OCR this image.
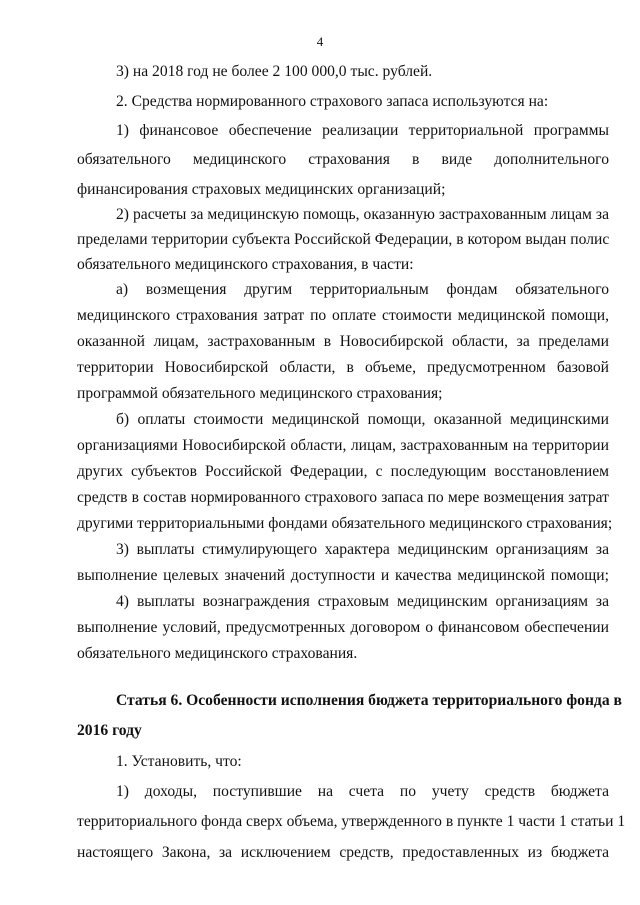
4
3) на 2018 год не более 2 100 000,0 тыс. рублей.
2. Средства нормированного страхового запаса используются на:
1) финансовое обеспечение реализации территориальной программы
обязательного медицинского страхования в виде дополнительного
финансирования страховых медицинских организаций;
2) расчеты за медицинскую помощь, оказанную застрахованным лицам за
пределами территории субъекта Российской Федерации, в котором выдан полис
обязательного медицинского страхования, в части:
а) возмещения другим территориальным фондам обязательного
медицинского страхования затрат по оплате стоимости медицинской помощи,
оказанной лицам, застрахованным в Новосибирской области, за пределами
территории Новосибирской области, в объеме, предусмотренном базовой
программой обязательного медицинского страхования;
б) оплаты стоимости медицинской помощи, оказанной медицинскими
организациями Новосибирской области, лицам, застрахованным на территории
других субъектов Российской Федерации, с последующим восстановлением
средств в состав нормированного страхового запаса по мере возмещения затрат
другими территориальными фондами обязательного медицинского страхования;
3) выплаты стимулирующего характера медицинским организациям за
выполнение целевых значений доступности и качества медицинской помощи;
4) выплаты вознаграждения страховым медицинским организациям за
выполнение условий, предусмотренных договором о финансовом обеспечении
обязательного медицинского страхования.
Статья 6. Особенности исполнения бюджета территориального фонда в
2016 году
1. Установить, что:
1) доходы, поступившие на счета по учету средств бюджета
территориального фонда сверх объема, утвержденного в пункте 1 части 1 статьи 1
настоящего Закона, за исключением средств, предоставленных из бюджета
